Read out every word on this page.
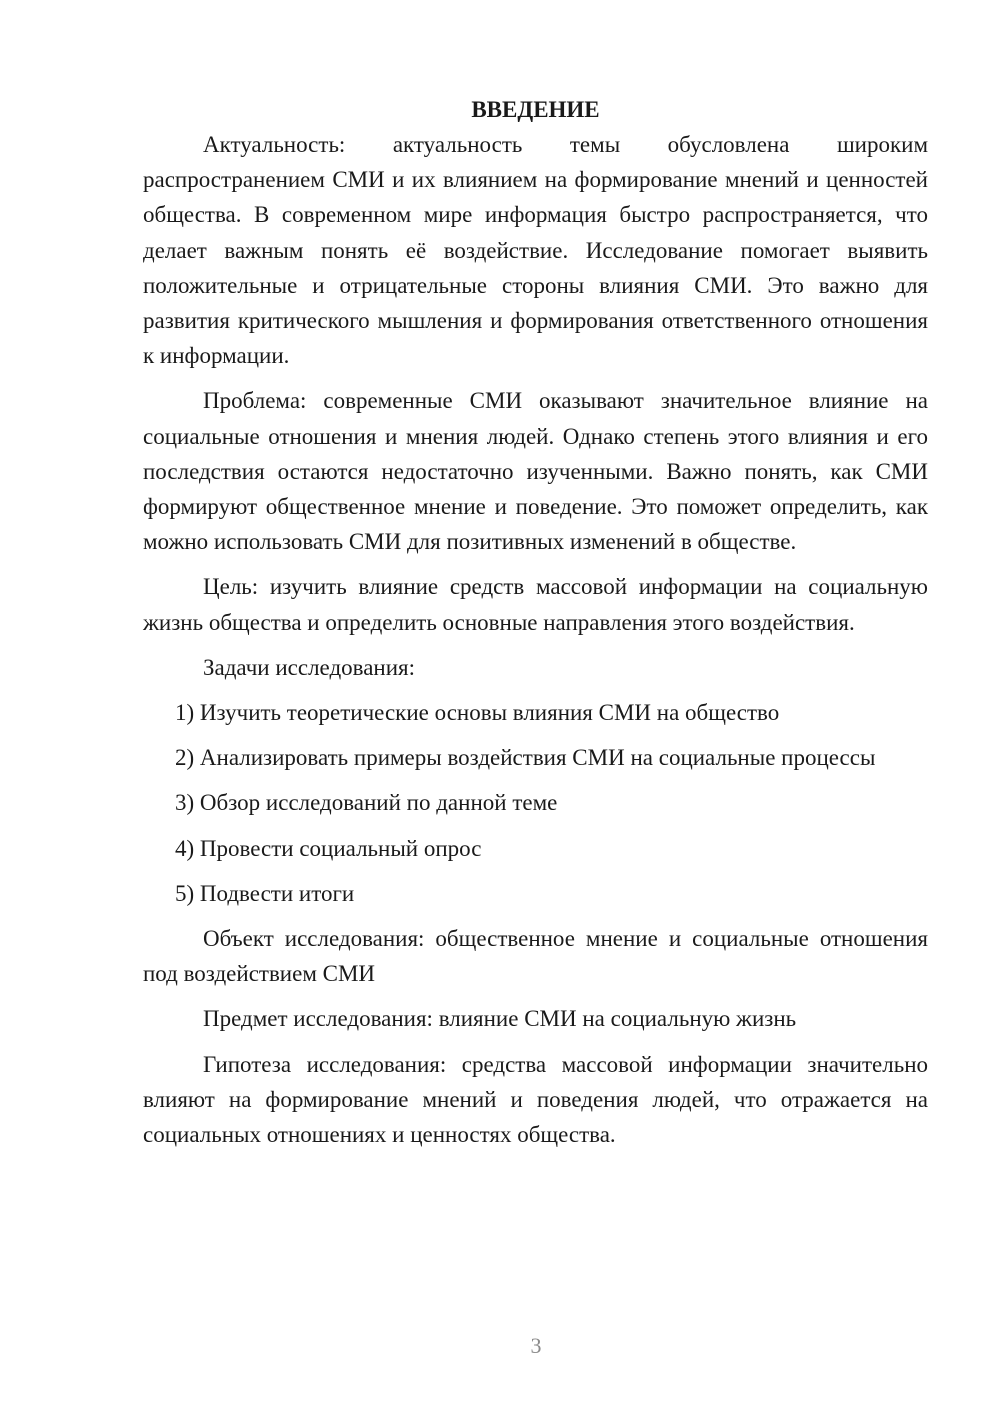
ВВЕДЕНИЕ

Актуальность: актуальность темы обусловлена широким распространением СМИ и их влиянием на формирование мнений и ценностей общества. В современном мире информация быстро распространяется, что делает важным понять её воздействие. Исследование помогает выявить положительные и отрицательные стороны влияния СМИ. Это важно для развития критического мышления и формирования ответственного отношения к информации.

Проблема: современные СМИ оказывают значительное влияние на социальные отношения и мнения людей. Однако степень этого влияния и его последствия остаются недостаточно изученными. Важно понять, как СМИ формируют общественное мнение и поведение. Это поможет определить, как можно использовать СМИ для позитивных изменений в обществе.

Цель: изучить влияние средств массовой информации на социальную жизнь общества и определить основные направления этого воздействия.

Задачи исследования:

1) Изучить теоретические основы влияния СМИ на общество

2) Анализировать примеры воздействия СМИ на социальные процессы

3) Обзор исследований по данной теме

4) Провести социальный опрос

5) Подвести итоги

Объект исследования: общественное мнение и социальные отношения под воздействием СМИ

Предмет исследования: влияние СМИ на социальную жизнь

Гипотеза исследования: средства массовой информации значительно влияют на формирование мнений и поведения людей, что отражается на социальных отношениях и ценностях общества.

3
